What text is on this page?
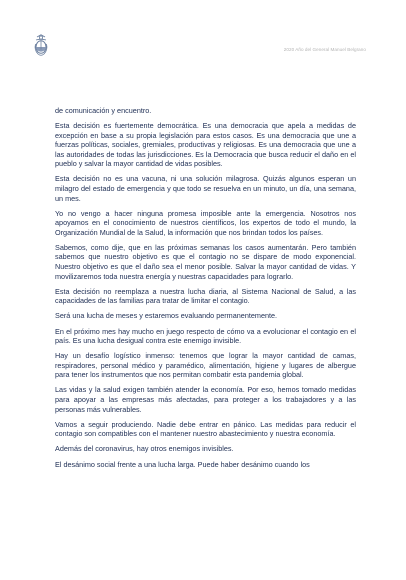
2020 Año del General Manuel Belgrano

de comunicación y encuentro.

Esta decisión es fuertemente democrática. Es una democracia que apela a medidas de excepción en base a su propia legislación para estos casos. Es una democracia que une a fuerzas políticas, sociales, gremiales, productivas y religiosas. Es una democracia que une a las autoridades de todas las jurisdicciones. Es la Democracia que busca reducir el daño en el pueblo y salvar la mayor cantidad de vidas posibles.

Esta decisión no es una vacuna, ni una solución milagrosa. Quizás algunos esperan un milagro del estado de emergencia y que todo se resuelva en un minuto, un día, una semana, un mes.

Yo no vengo a hacer ninguna promesa imposible ante la emergencia. Nosotros nos apoyamos en el conocimiento de nuestros científicos, los expertos de todo el mundo, la Organización Mundial de la Salud, la información que nos brindan todos los países.

Sabemos, como dije, que en las próximas semanas los casos aumentarán. Pero también sabemos que nuestro objetivo es que el contagio no se dispare de modo exponencial. Nuestro objetivo es que el daño sea el menor posible. Salvar la mayor cantidad de vidas. Y movilizaremos toda nuestra energía y nuestras capacidades para lograrlo.

Esta decisión no reemplaza a nuestra lucha diaria, al Sistema Nacional de Salud, a las capacidades de las familias para tratar de limitar el contagio.

Será una lucha de meses y estaremos evaluando permanentemente.

En el próximo mes hay mucho en juego respecto de cómo va a evolucionar el contagio en el país. Es una lucha desigual contra este enemigo invisible.

Hay un desafío logístico inmenso: tenemos que lograr la mayor cantidad de camas, respiradores, personal médico y paramédico, alimentación, higiene y lugares de albergue para tener los instrumentos que nos permitan combatir esta pandemia global.

Las vidas y la salud exigen también atender la economía. Por eso, hemos tomado medidas para apoyar a las empresas más afectadas, para proteger a los trabajadores y a las personas más vulnerables.

Vamos a seguir produciendo. Nadie debe entrar en pánico. Las medidas para reducir el contagio son compatibles con el mantener nuestro abastecimiento y nuestra economía.

Además del coronavirus, hay otros enemigos invisibles.

El desánimo social frente a una lucha larga. Puede haber desánimo cuando los
